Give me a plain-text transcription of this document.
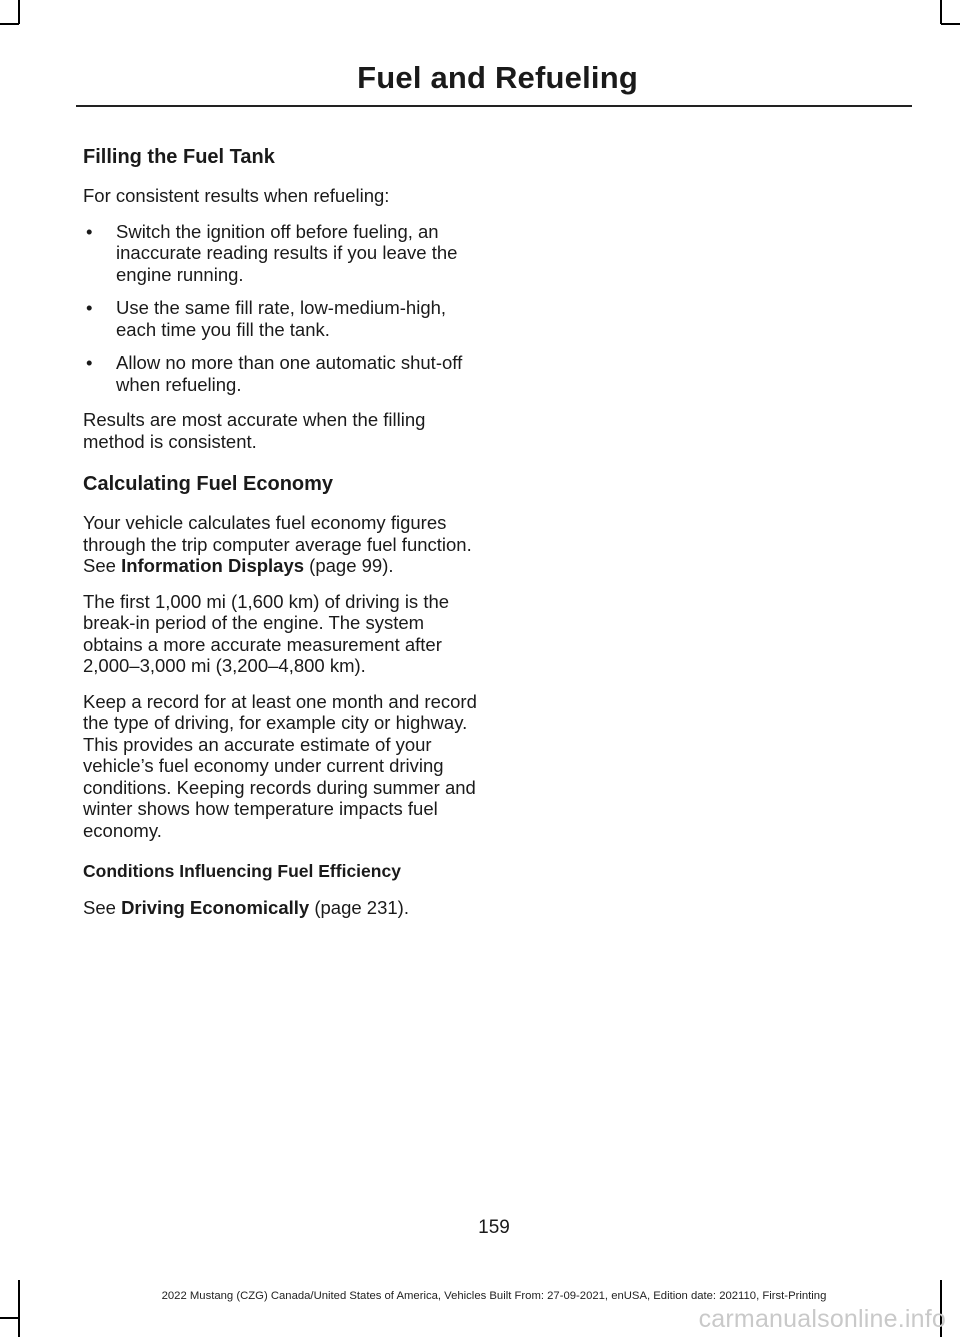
Fuel and Refueling
Filling the Fuel Tank

For consistent results when refueling:

• Switch the ignition off before fueling, an inaccurate reading results if you leave the engine running.
• Use the same fill rate, low-medium-high, each time you fill the tank.
• Allow no more than one automatic shut-off when refueling.

Results are most accurate when the filling method is consistent.

Calculating Fuel Economy

Your vehicle calculates fuel economy figures through the trip computer average fuel function. See Information Displays (page 99).

The first 1,000 mi (1,600 km) of driving is the break-in period of the engine. The system obtains a more accurate measurement after 2,000–3,000 mi (3,200–4,800 km).

Keep a record for at least one month and record the type of driving, for example city or highway. This provides an accurate estimate of your vehicle’s fuel economy under current driving conditions. Keeping records during summer and winter shows how temperature impacts fuel economy.

Conditions Influencing Fuel Efficiency

See Driving Economically (page 231).

159
2022 Mustang (CZG) Canada/United States of America, Vehicles Built From: 27-09-2021, enUSA, Edition date: 202110, First-Printing
carmanualsonline.info
